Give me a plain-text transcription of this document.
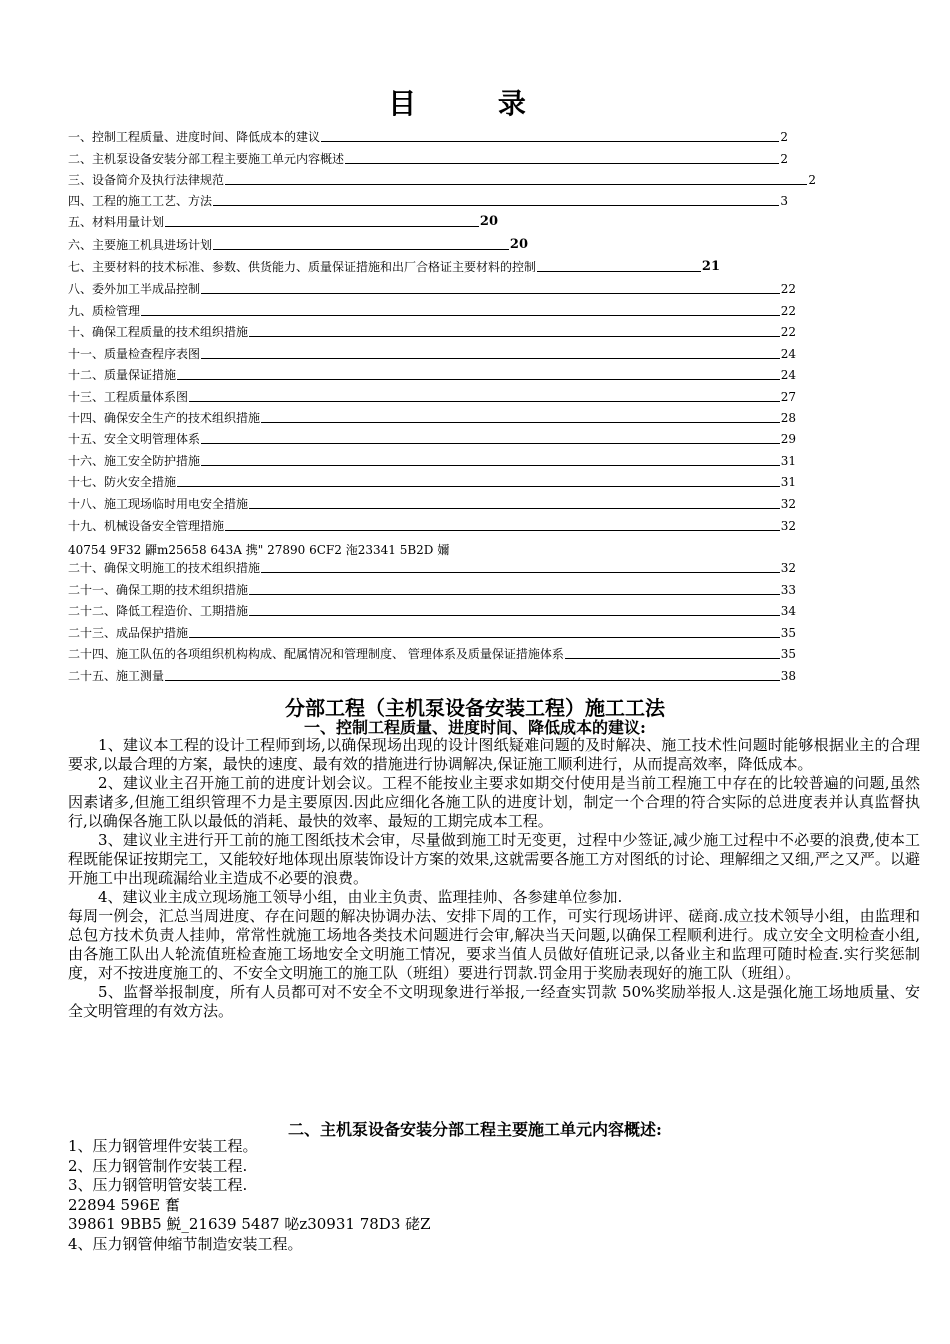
目 录
一、控制工程质量、进度时间、降低成本的建议	2
二、主机泵设备安装分部工程主要施工单元内容概述	2
三、设备简介及执行法律规范	2
四、工程的施工工艺、方法	3
五、材料用量计划	20
六、主要施工机具进场计划	20
七、主要材料的技术标准、参数、供货能力、质量保证措施和出厂合格证主要材料的控制	21
八、委外加工半成品控制	22
九、质检管理	22
十、确保工程质量的技术组织措施	22
十一、质量检查程序表图	24
十二、质量保证措施	24
十三、工程质量体系图	27
十四、确保安全生产的技术组织措施	28
十五、安全文明管理体系	29
十六、施工安全防护措施	31
十七、防火安全措施	31
十八、施工现场临时用电安全措施	32
十九、机械设备安全管理措施	32
二十、确保文明施工的技术组织措施	32
二十一、确保工期的技术组织措施	33
二十二、降低工程造价、工期措施	34
二十三、成品保护措施	35
二十四、施工队伍的各项组织机构构成、配属情况和管理制度、 管理体系及质量保证措施体系	35
二十五、施工测量	38
40754 9F32 鼲m25658 643A 携" 27890 6CF2 沲23341 5B2D 嬭
分部工程（主机泵设备安装工程）施工工法
一、控制工程质量、进度时间、降低成本的建议:

1、建议本工程的设计工程师到场,以确保现场出现的设计图纸疑难问题的及时解决、施工技术性问题时能够根据业主的合理要求,以最合理的方案，最快的速度、最有效的措施进行协调解决,保证施工顺利进行，从而提高效率，降低成本。

2、建议业主召开施工前的进度计划会议。工程不能按业主要求如期交付使用是当前工程施工中存在的比较普遍的问题,虽然因素诸多,但施工组织管理不力是主要原因.因此应细化各施工队的进度计划，制定一个合理的符合实际的总进度表并认真监督执行,以确保各施工队以最低的消耗、最快的效率、最短的工期完成本工程。

3、建议业主进行开工前的施工图纸技术会审，尽量做到施工时无变更，过程中少签证,减少施工过程中不必要的浪费,使本工程既能保证按期完工，又能较好地体现出原装饰设计方案的效果,这就需要各施工方对图纸的讨论、理解细之又细,严之又严。以避开施工中出现疏漏给业主造成不必要的浪费。

4、建议业主成立现场施工领导小组，由业主负责、监理挂帅、各参建单位参加.

每周一例会，汇总当周进度、存在问题的解决协调办法、安排下周的工作，可实行现场讲评、磋商.成立技术领导小组，由监理和总包方技术负责人挂帅，常常性就施工场地各类技术问题进行会审,解决当天问题,以确保工程顺利进行。成立安全文明检查小组,由各施工队出人轮流值班检查施工场地安全文明施工情况，要求当值人员做好值班记录,以备业主和监理可随时检查.实行奖惩制度，对不按进度施工的、不安全文明施工的施工队（班组）要进行罚款.罚金用于奖励表现好的施工队（班组）。

5、监督举报制度，所有人员都可对不安全不文明现象进行举报,一经查实罚款 50%奖励举报人.这是强化施工场地质量、安全文明管理的有效方法。

二、主机泵设备安装分部工程主要施工单元内容概述:
1、压力钢管埋件安装工程。
2、压力钢管制作安装工程.
3、压力钢管明管安装工程.
22894 596E 奮
39861 9BB5 鮵_21639 5487 咇z30931 78D3 硓Z
4、压力钢管伸缩节制造安装工程。
